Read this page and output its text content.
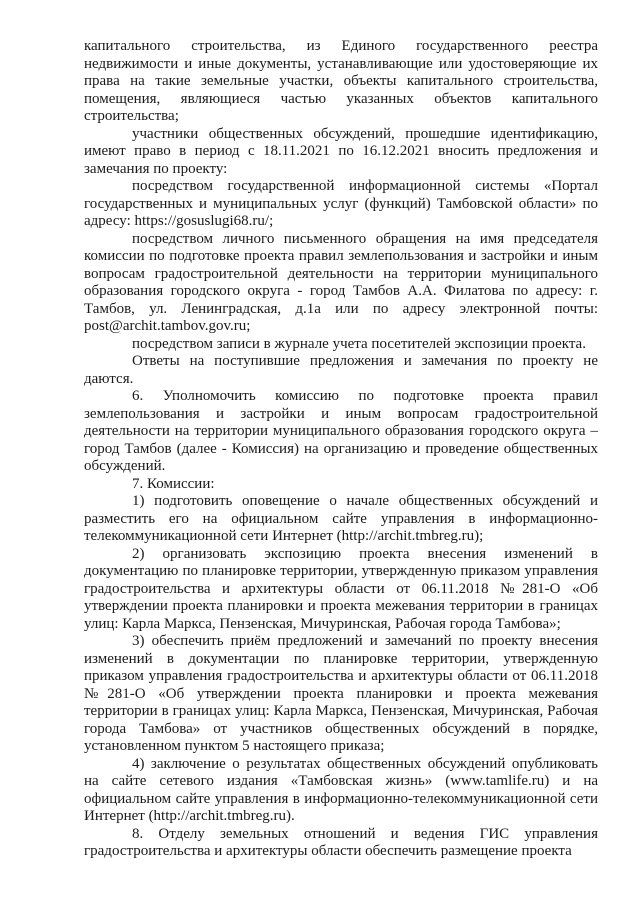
капитального строительства, из Единого государственного реестра недвижимости и иные документы, устанавливающие или удостоверяющие их права на такие земельные участки, объекты капитального строительства, помещения, являющиеся частью указанных объектов капитального строительства;

участники общественных обсуждений, прошедшие идентификацию, имеют право в период с 18.11.2021 по 16.12.2021 вносить предложения и замечания по проекту:

посредством государственной информационной системы «Портал государственных и муниципальных услуг (функций) Тамбовской области» по адресу: https://gosuslugi68.ru/;

посредством личного письменного обращения на имя председателя комиссии по подготовке проекта правил землепользования и застройки и иным вопросам градостроительной деятельности на территории муниципального образования городского округа - город Тамбов А.А. Филатова по адресу: г. Тамбов, ул. Ленинградская, д.1а или по адресу электронной почты: post@archit.tambov.gov.ru;

посредством записи в журнале учета посетителей экспозиции проекта.

Ответы на поступившие предложения и замечания по проекту не даются.

6. Уполномочить комиссию по подготовке проекта правил землепользования и застройки и иным вопросам градостроительной деятельности на территории муниципального образования городского округа – город Тамбов (далее - Комиссия) на организацию и проведение общественных обсуждений.

7. Комиссии:

1) подготовить оповещение о начале общественных обсуждений и разместить его на официальном сайте управления в информационно-телекоммуникационной сети Интернет (http://archit.tmbreg.ru);

2) организовать экспозицию проекта внесения изменений в документацию по планировке территории, утвержденную приказом управления градостроительства и архитектуры области от 06.11.2018 №281-О «Об утверждении проекта планировки и проекта межевания территории в границах улиц: Карла Маркса, Пензенская, Мичуринская, Рабочая города Тамбова»;

3) обеспечить приём предложений и замечаний по проекту внесения изменений в документации по планировке территории, утвержденную приказом управления градостроительства и архитектуры области от 06.11.2018 №281-О «Об утверждении проекта планировки и проекта межевания территории в границах улиц: Карла Маркса, Пензенская, Мичуринская, Рабочая города Тамбова» от участников общественных обсуждений в порядке, установленном пунктом 5 настоящего приказа;

4) заключение о результатах общественных обсуждений опубликовать на сайте сетевого издания «Тамбовская жизнь» (www.tamlife.ru) и на официальном сайте управления в информационно-телекоммуникационной сети Интернет (http://archit.tmbreg.ru).

8. Отделу земельных отношений и ведения ГИС управления градостроительства и архитектуры области обеспечить размещение проекта
